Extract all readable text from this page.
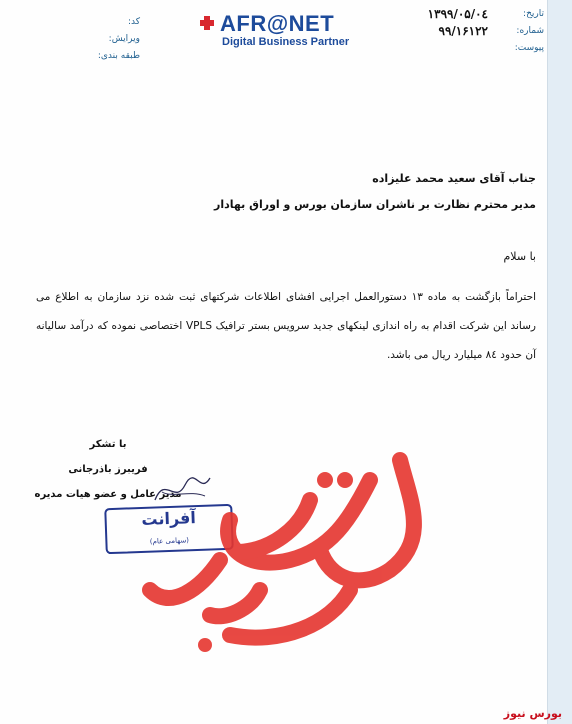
AFR@NET
Digital Business Partner
تاریخ:
۱۳۹۹/۰۵/۰٤
شماره:
۹۹/۱۶۱۲۲
پیوست:
کد:
ویرایش:
طبقه بندی:
جناب آقای سعید محمد علیزاده
مدیر محترم نظارت بر ناشران سازمان بورس و اوراق بهادار
با سلام
احتراماً بازگشت به ماده ۱۳ دستورالعمل اجرایی افشای اطلاعات شرکتهای ثبت شده نزد سازمان به اطلاع می رساند این شرکت اقدام به راه اندازی لینکهای جدید سرویس بستر ترافیک VPLS اختصاصی نموده که درآمد سالیانه آن حدود ۸٤ میلیارد ریال می باشد.
با تشکر
فریبرز باذرجانی
مدیر عامل و عضو هیات مدیره
آفرانت
(سهامی عام)
بورس نیوز
